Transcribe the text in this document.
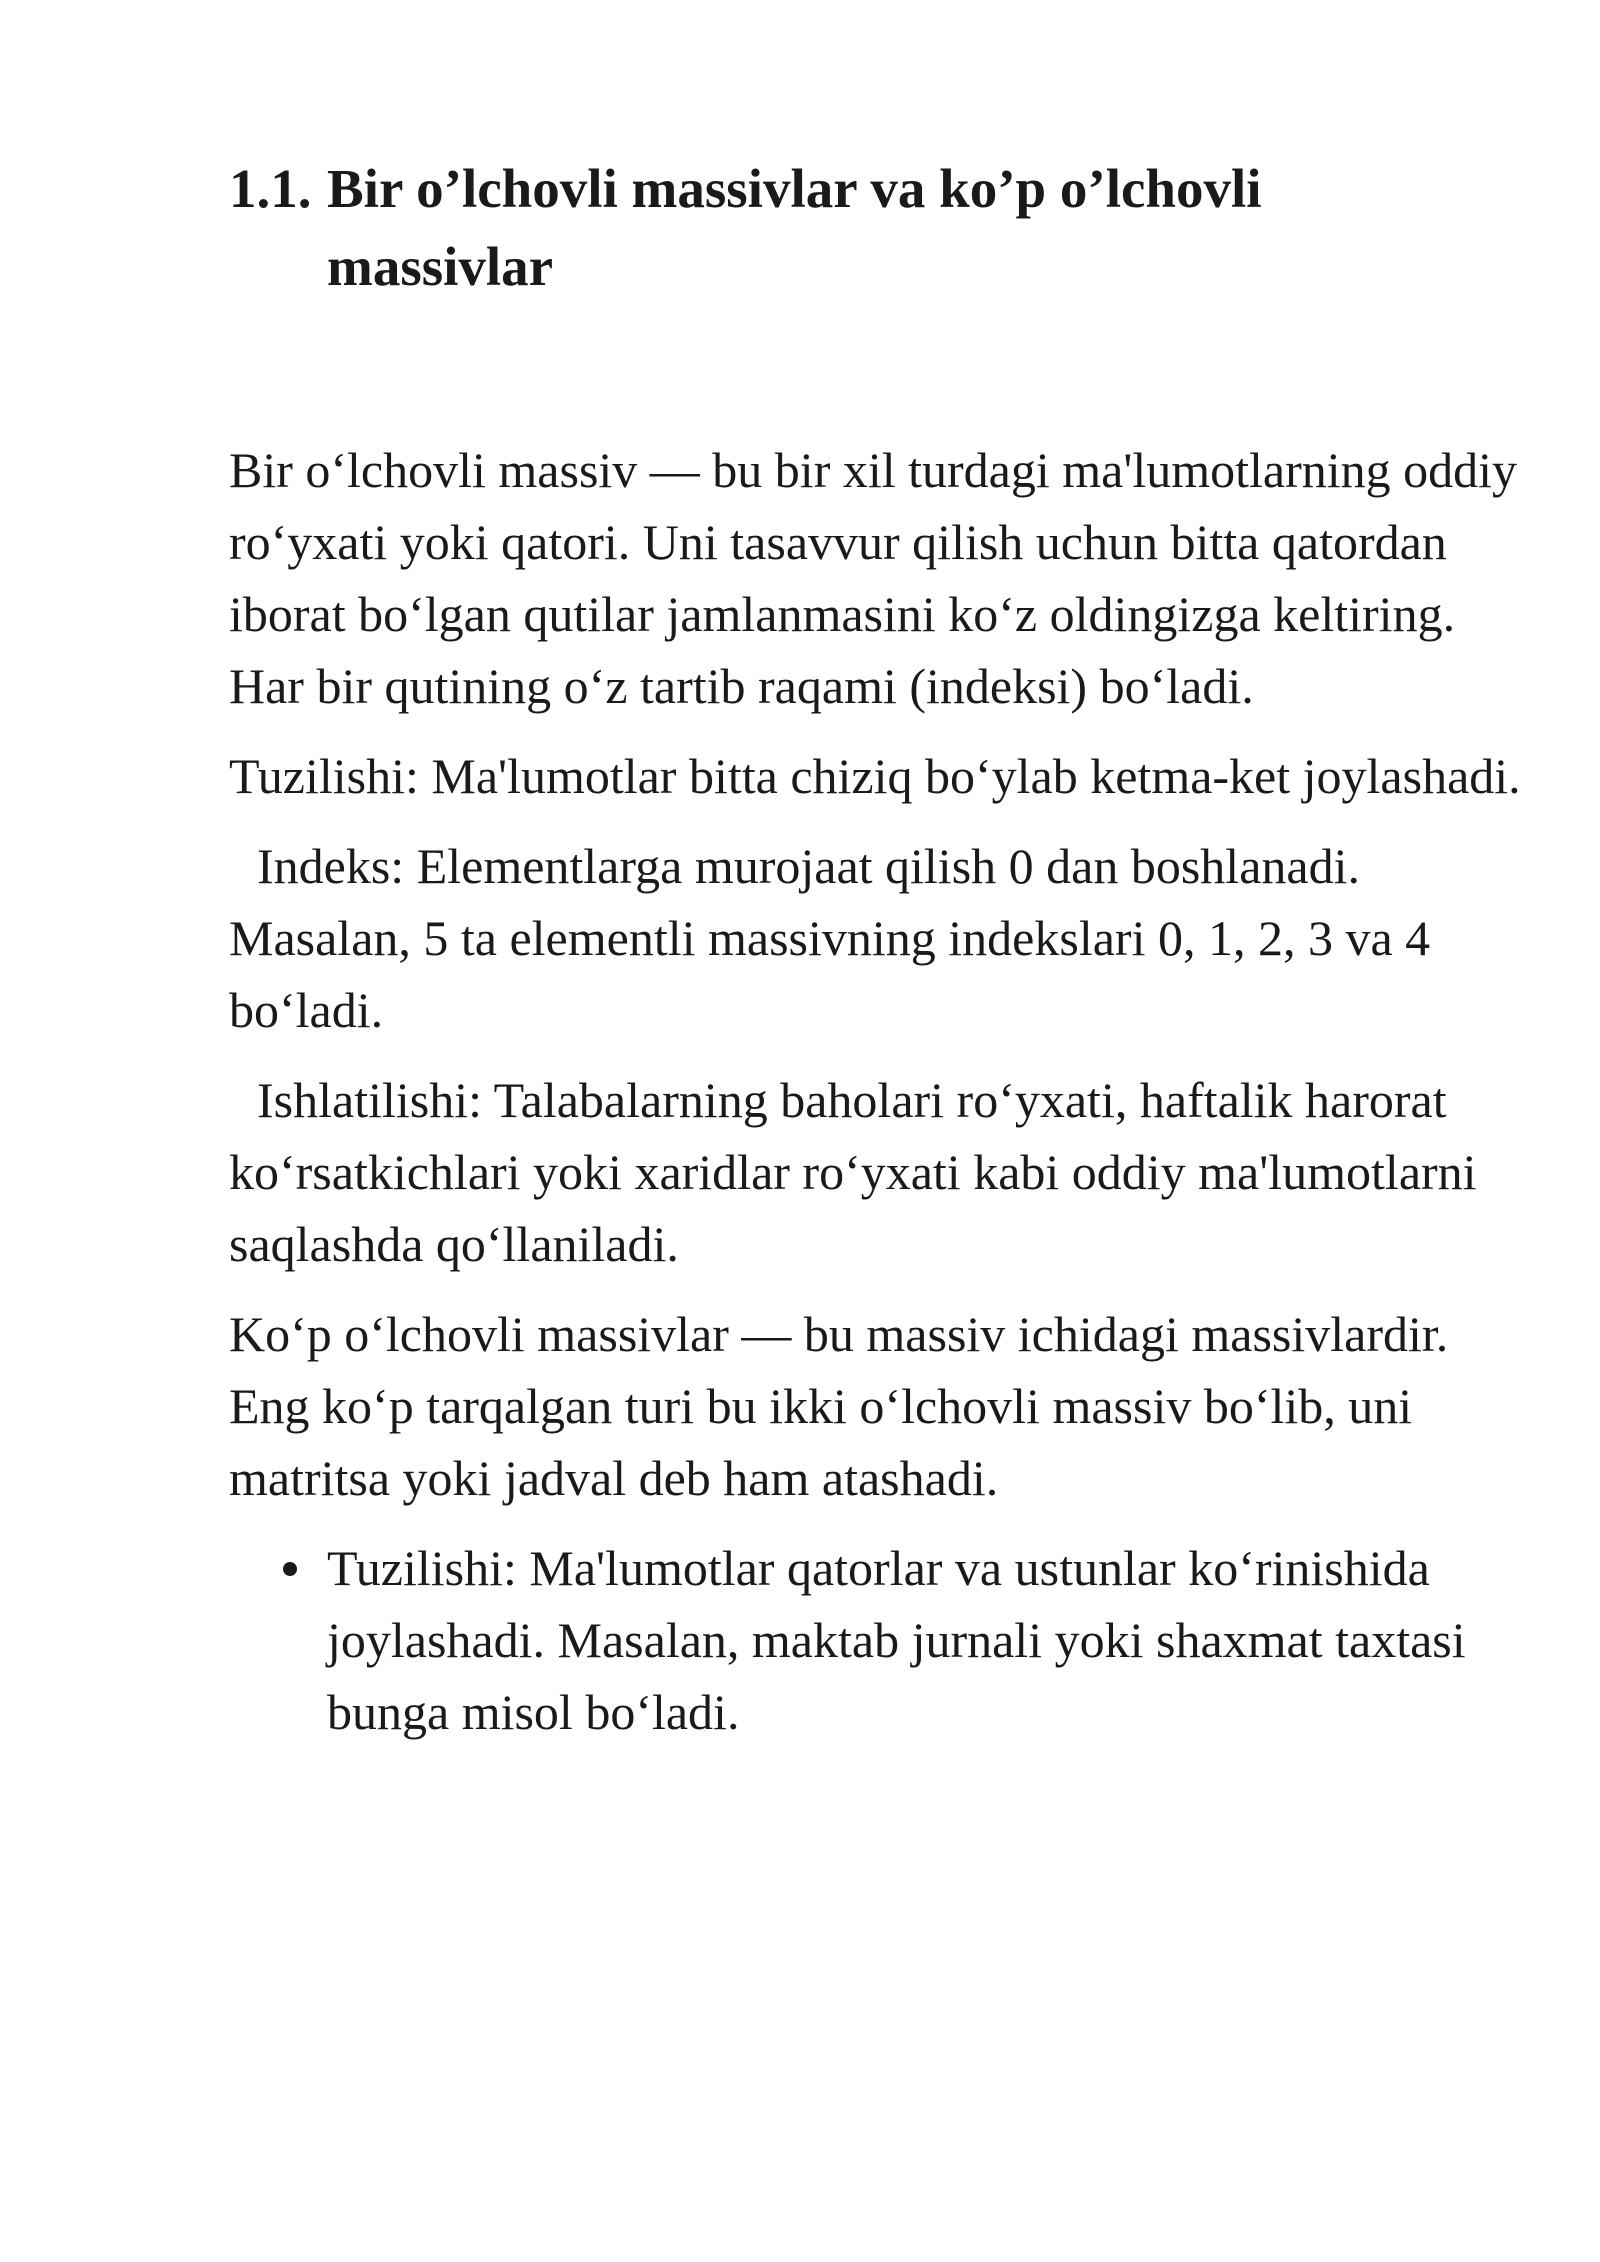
1.1. Bir o’lchovli massivlar va ko’p o’lchovli massivlar

Bir o‘lchovli massiv — bu bir xil turdagi ma'lumotlarning oddiy ro‘yxati yoki qatori. Uni tasavvur qilish uchun bitta qatordan iborat bo‘lgan qutilar jamlanmasini ko‘z oldingizga keltiring. Har bir qutining o‘z tartib raqami (indeksi) bo‘ladi.

Tuzilishi: Ma'lumotlar bitta chiziq bo‘ylab ketma-ket joylashadi.

Indeks: Elementlarga murojaat qilish 0 dan boshlanadi. Masalan, 5 ta elementli massivning indekslari 0, 1, 2, 3 va 4 bo‘ladi.

Ishlatilishi: Talabalarning baholari ro‘yxati, haftalik harorat ko‘rsatkichlari yoki xaridlar ro‘yxati kabi oddiy ma'lumotlarni saqlashda qo‘llaniladi.

Ko‘p o‘lchovli massivlar — bu massiv ichidagi massivlardir. Eng ko‘p tarqalgan turi bu ikki o‘lchovli massiv bo‘lib, uni matritsa yoki jadval deb ham atashadi.

Tuzilishi: Ma'lumotlar qatorlar va ustunlar ko‘rinishida joylashadi. Masalan, maktab jurnali yoki shaxmat taxtasi bunga misol bo‘ladi.
